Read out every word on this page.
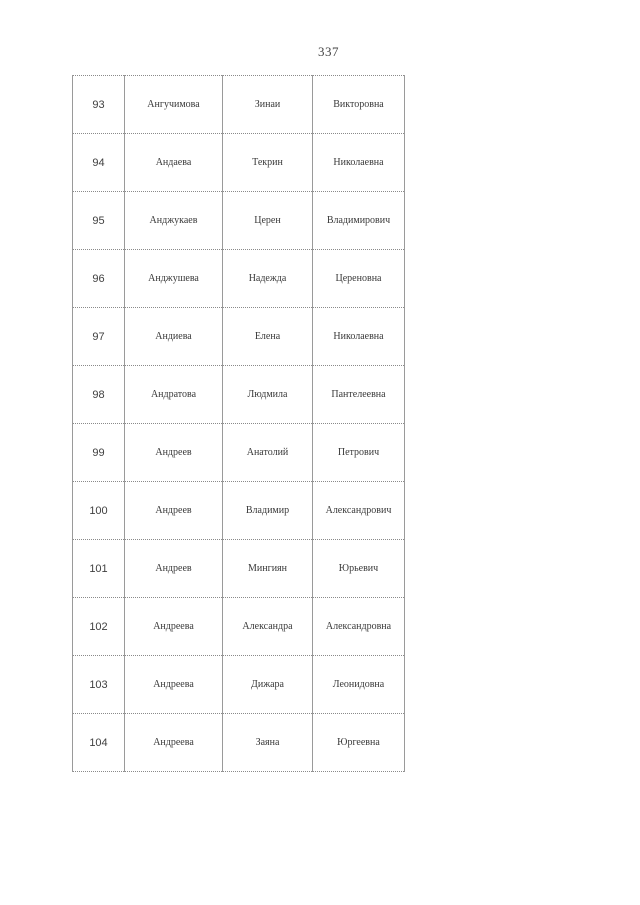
337
93	Ангучимова	Зинаи	Викторовна
94	Андаева	Текрин	Николаевна
95	Анджукаев	Церен	Владимирович
96	Анджушева	Надежда	Цереновна
97	Андиева	Елена	Николаевна
98	Андратова	Людмила	Пантелеевна
99	Андреев	Анатолий	Петрович
100	Андреев	Владимир	Александрович
101	Андреев	Мингиян	Юрьевич
102	Андреева	Александра	Александровна
103	Андреева	Дижара	Леонидовна
104	Андреева	Заяна	Юргеевна
